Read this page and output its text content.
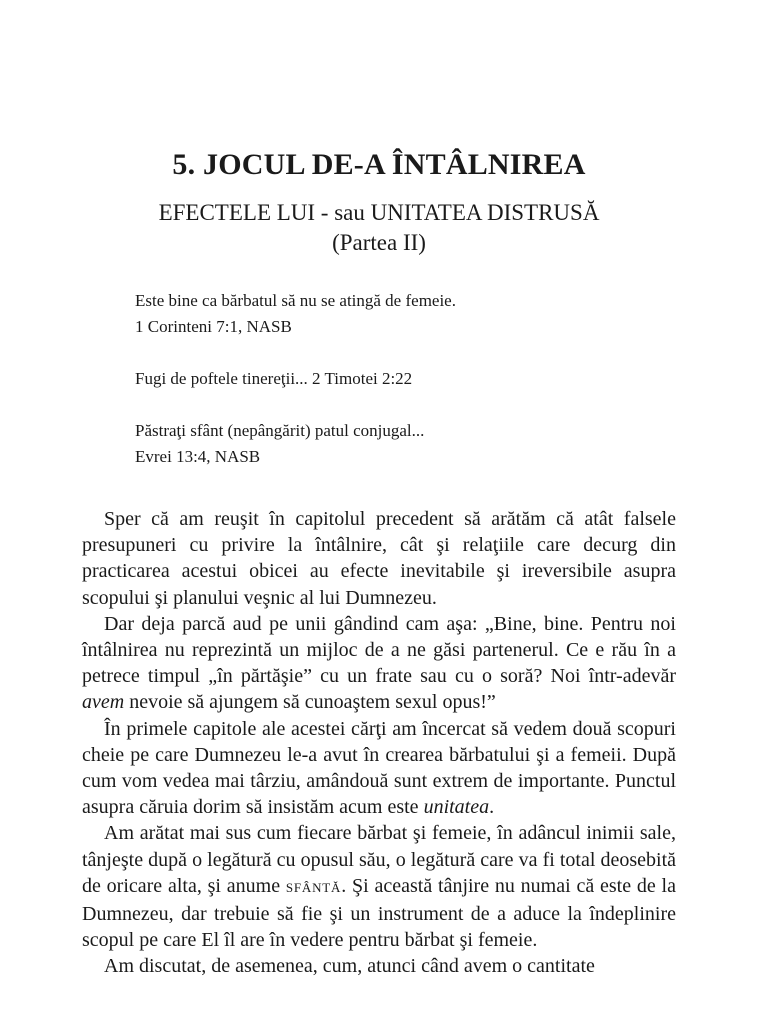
5. JOCUL DE-A ÎNTÂLNIREA
EFECTELE LUI - sau UNITATEA DISTRUSĂ
(Partea II)
Este bine ca bărbatul să nu se atingă de femeie.
1 Corinteni 7:1, NASB
Fugi de poftele tinereţii... 2 Timotei 2:22
Păstraţi sfânt (nepângărit) patul conjugal...
Evrei 13:4, NASB

Sper că am reuşit în capitolul precedent să arătăm că atât falsele presupuneri cu privire la întâlnire, cât şi relaţiile care decurg din practicarea acestui obicei au efecte inevitabile şi ireversibile asupra scopului şi planului veşnic al lui Dumnezeu.

Dar deja parcă aud pe unii gândind cam aşa: „Bine, bine. Pentru noi întâlnirea nu reprezintă un mijloc de a ne găsi partenerul. Ce e rău în a petrece timpul „în părtăşie” cu un frate sau cu o soră? Noi într-adevăr avem nevoie să ajungem să cunoaştem sexul opus!”

În primele capitole ale acestei cărţi am încercat să vedem două scopuri cheie pe care Dumnezeu le-a avut în crearea bărbatului şi a femeii. După cum vom vedea mai târziu, amândouă sunt extrem de importante. Punctul asupra căruia dorim să insistăm acum este unitatea.

Am arătat mai sus cum fiecare bărbat şi femeie, în adâncul inimii sale, tânjeşte după o legătură cu opusul său, o legătură care va fi total deosebită de oricare alta, şi anume SFÂNTĂ. Şi această tânjire nu numai că este de la Dumnezeu, dar trebuie să fie şi un instrument de a aduce la îndeplinire scopul pe care El îl are în vedere pentru bărbat şi femeie.

Am discutat, de asemenea, cum, atunci când avem o cantitate
